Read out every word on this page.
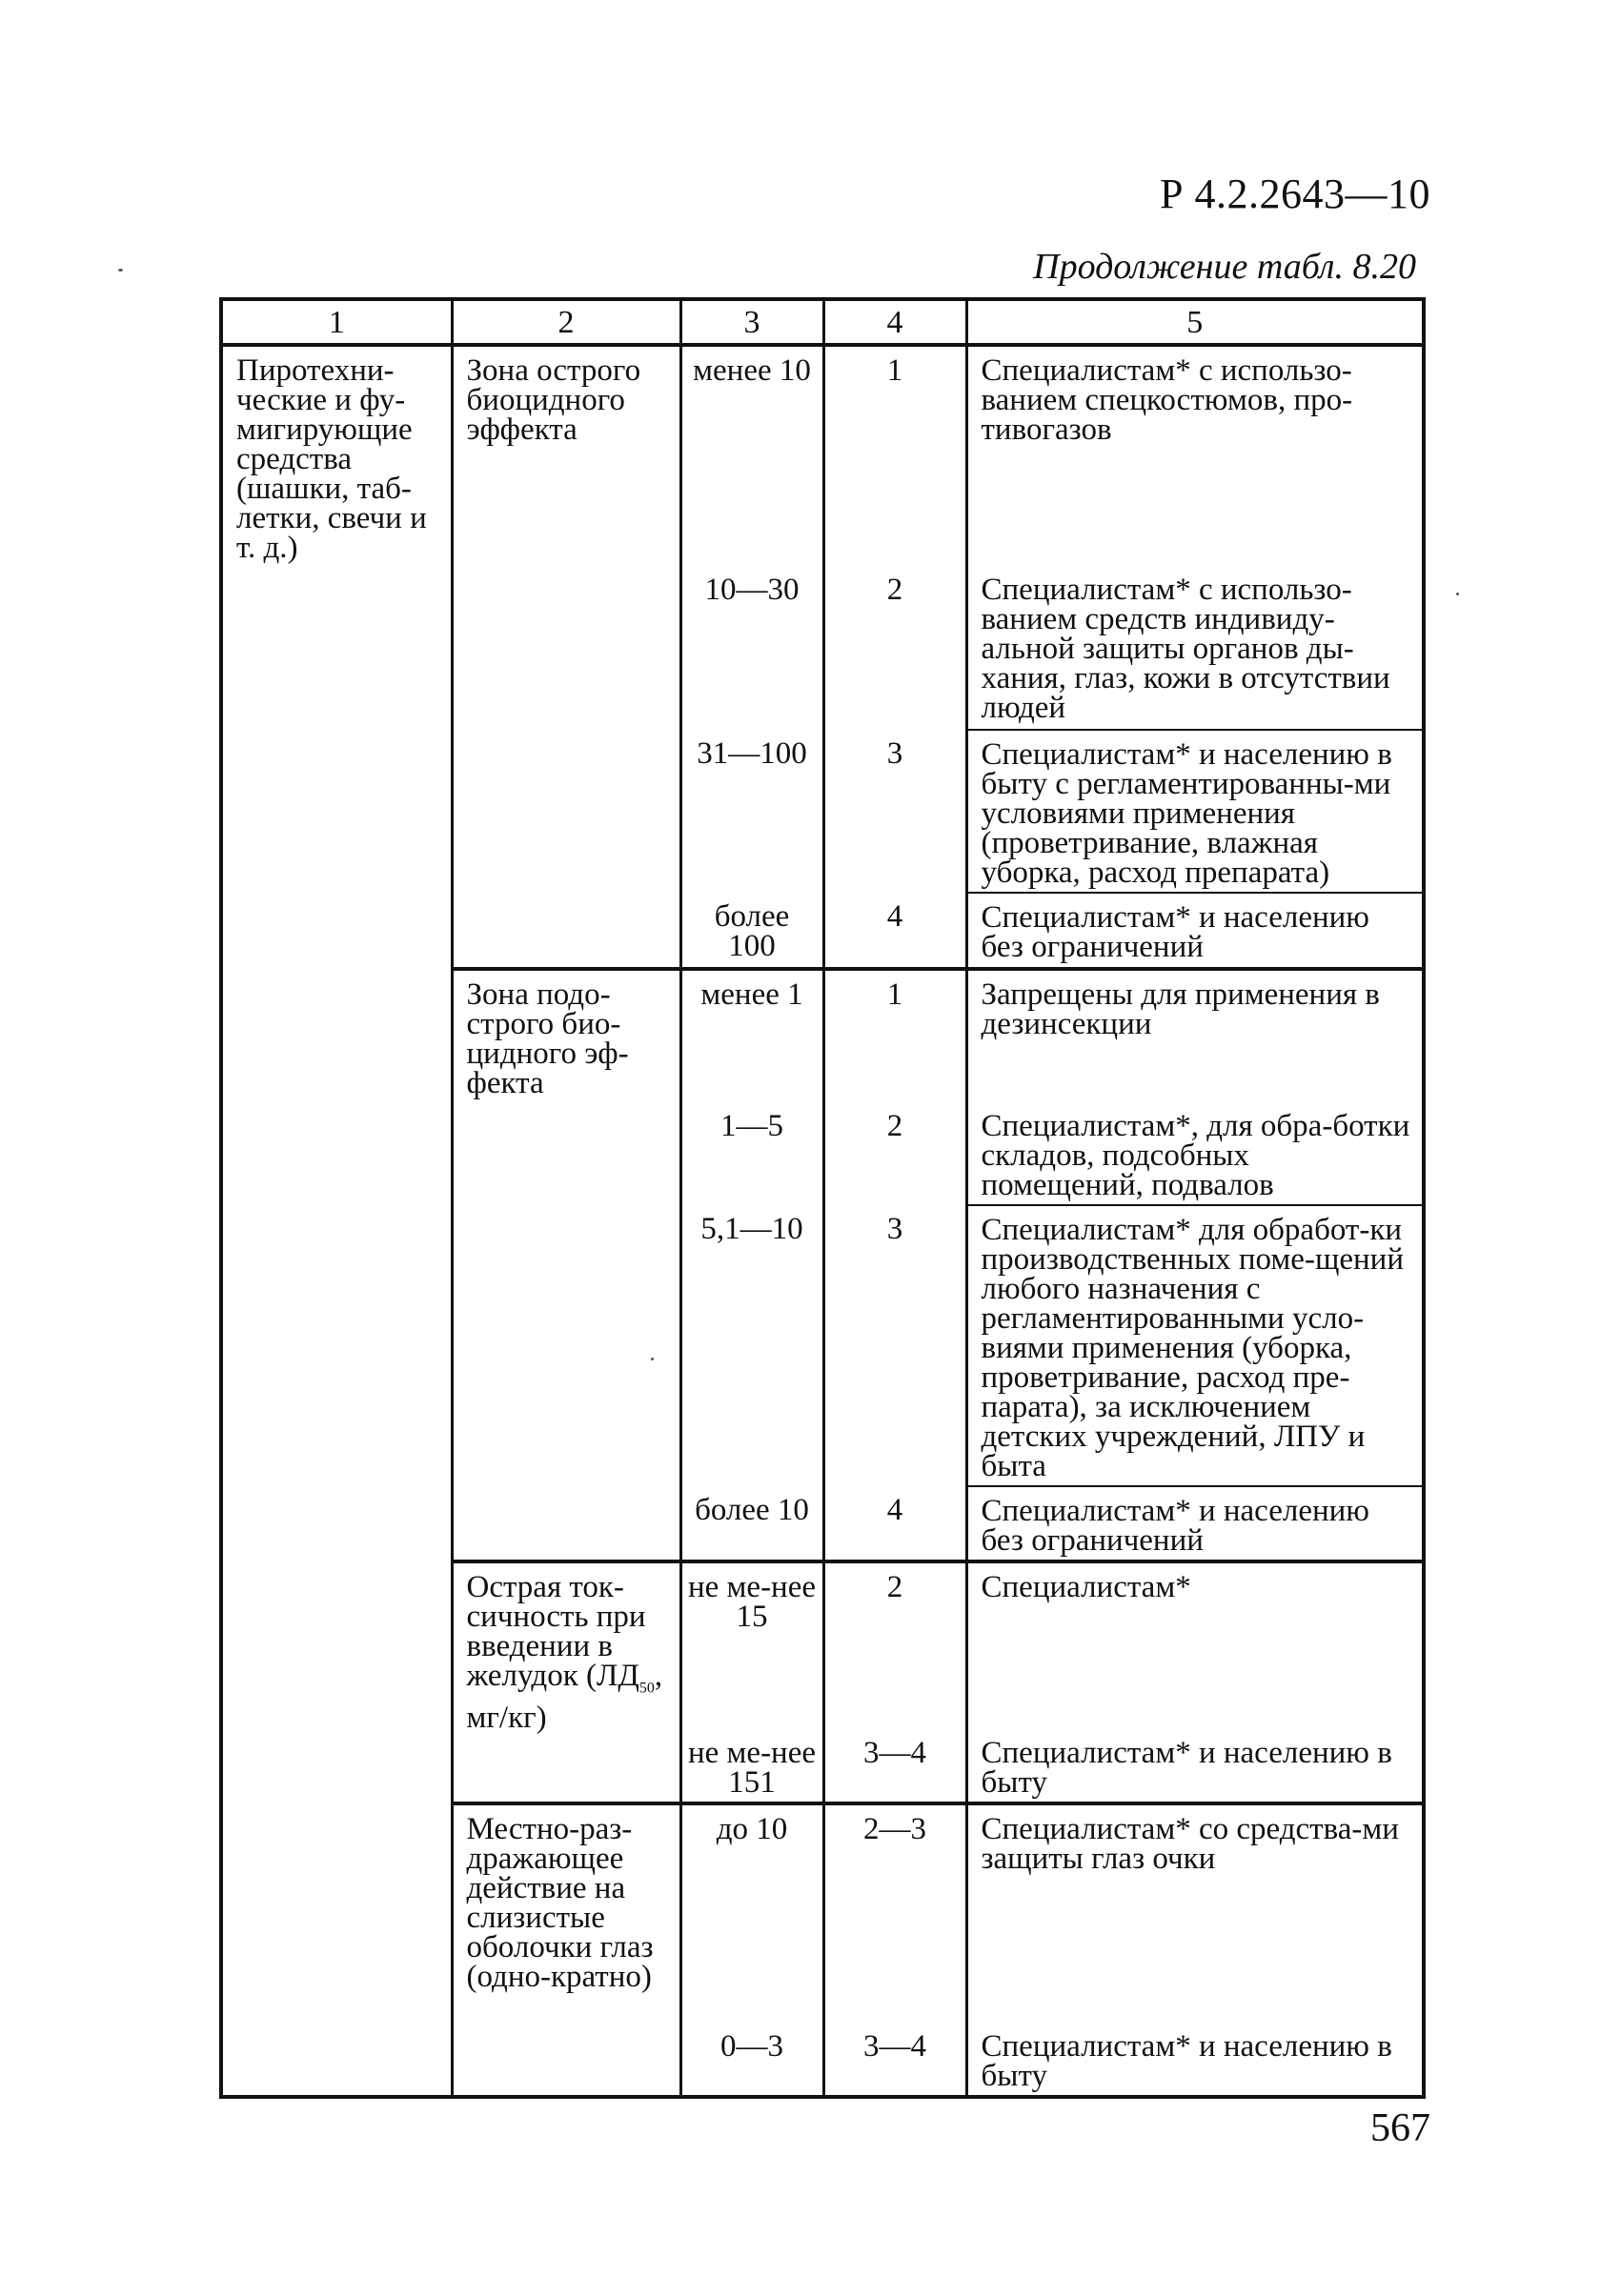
Р 4.2.2643—10
Продолжение табл. 8.20
1	2	3	4	5
Пиротехни-ческие и фу-мигирующие средства (шашки, таб-летки, свечи и т. д.)	Зона острого биоцидного эффекта	менее 10	1	Специалистам* с использо-ванием спецкостюмов, про-тивогазов
		10—30	2	Специалистам* с использо-ванием средств индивиду-альной защиты органов ды-хания, глаз, кожи в отсутствии людей
		31—100	3	Специалистам* и населению в быту с регламентированны-ми условиями применения (проветривание, влажная уборка, расход препарата)
		более 100	4	Специалистам* и населению без ограничений
	Зона подо-строго био-цидного эф-фекта	менее 1	1	Запрещены для применения в дезинсекции
		1—5	2	Специалистам*, для обра-ботки складов, подсобных помещений, подвалов
		5,1—10	3	Специалистам* для обработ-ки производственных поме-щений любого назначения с регламентированными усло-виями применения (уборка, проветривание, расход пре-парата), за исключением детских учреждений, ЛПУ и быта
		более 10	4	Специалистам* и населению без ограничений
	Острая ток-сичность при введении в желудок ($ЛД_{50}$, мг/кг)	не ме-нее 15	2	Специалистам*
		не ме-нее 151	3—4	Специалистам* и населению в быту
	Местно-раз-дражающее действие на слизистые оболочки глаз (одно-кратно)	до 10	2—3	Специалистам* со средства-ми защиты глаз очки
		0—3	3—4	Специалистам* и населению в быту
567
